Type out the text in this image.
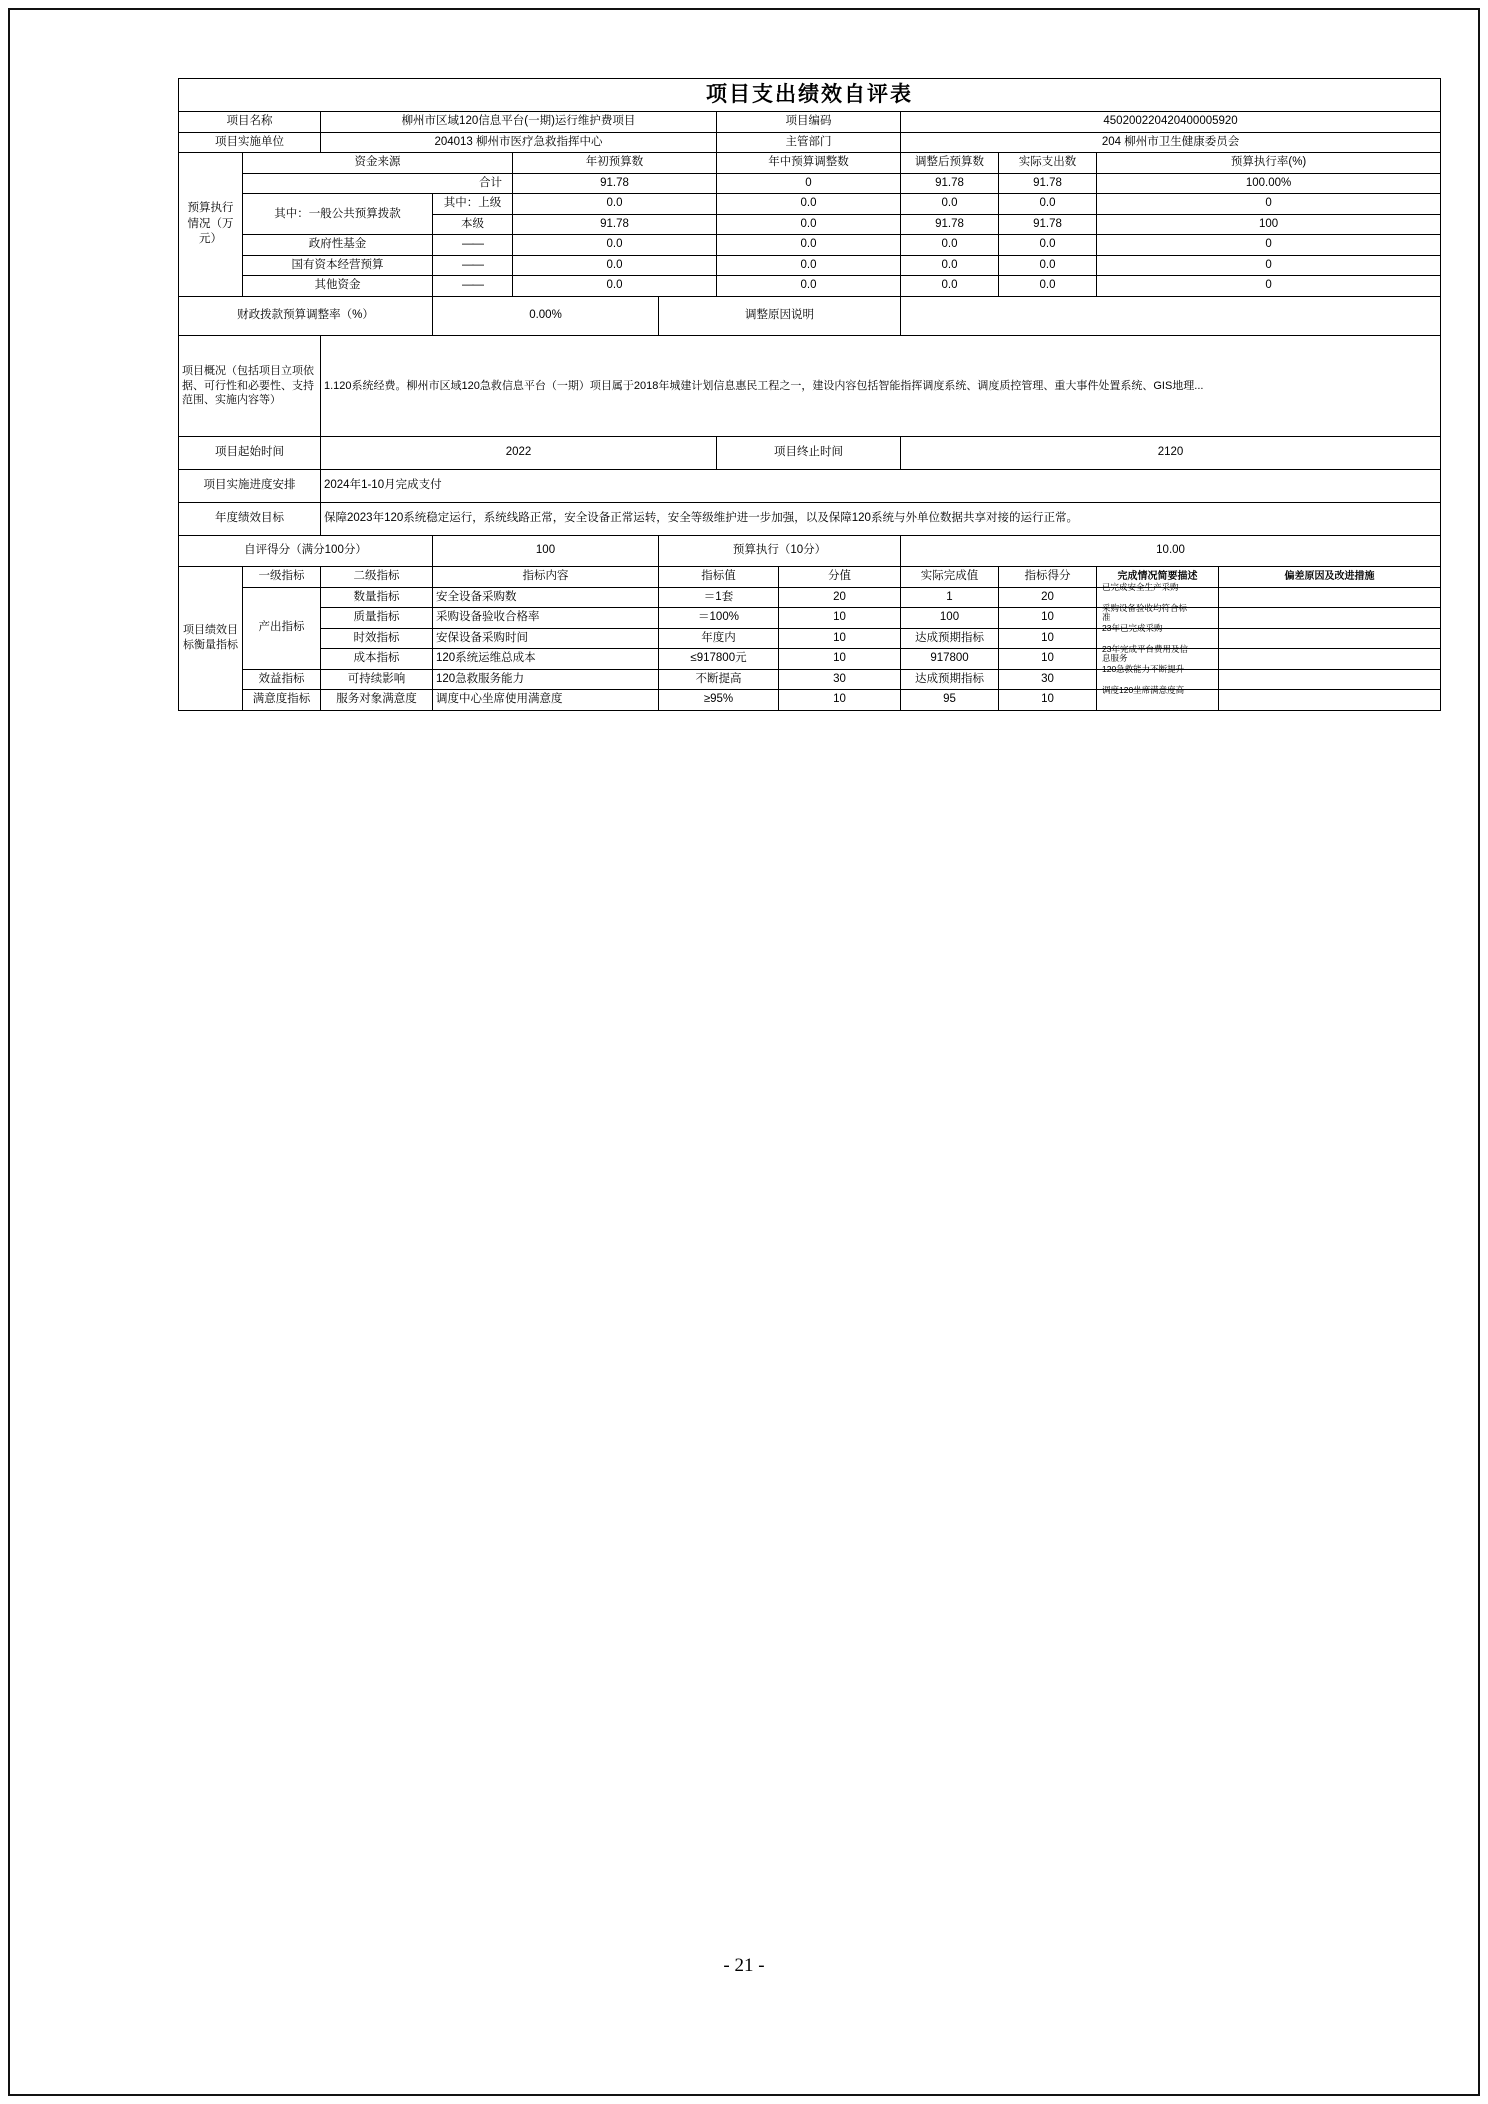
项目支出绩效自评表											
项目名称		柳州市区域120信息平台(一期)运行维护费项目				项目编码		450200220420400005920			
项目实施单位		204013 柳州市医疗急救指挥中心				主管部门		204 柳州市卫生健康委员会			
预算执行情况（万元）	资金来源			年初预算数		年中预算调整数		调整后预算数	实际支出数	预算执行率(%)	
	合计			91.78		0		91.78	91.78	100.00%	
	其中：一般公共预算拨款		其中：上级	0.0		0.0		0.0	0.0	0	
			本级	91.78		0.0		91.78	91.78	100	
	政府性基金		——	0.0		0.0		0.0	0.0	0	
	国有资本经营预算		——	0.0		0.0		0.0	0.0	0	
	其他资金		——	0.0		0.0		0.0	0.0	0	
财政拨款预算调整率（%）			0.00%		调整原因说明						
项目概况（包括项目立项依据、可行性和必要性、支持范围、实施内容等）		1.120系统经费。柳州市区域120急救信息平台（一期）项目属于2018年城建计划信息惠民工程之一，建设内容包括智能指挥调度系统、调度质控管理、重大事件处置系统、GIS地理...									
项目起始时间		2022				项目终止时间		2120			
项目实施进度安排		2024年1-10月完成支付									
年度绩效目标		保障2023年120系统稳定运行，系统线路正常，安全设备正常运转，安全等级维护进一步加强，以及保障120系统与外单位数据共享对接的运行正常。									
自评得分（满分100分）			100		预算执行（10分）			10.00			
项目绩效目标衡量指标	一级指标	二级指标	指标内容		指标值		分值	实际完成值	指标得分	完成情况简要描述	偏差原因及改进措施
	产出指标	数量指标	安全设备采购数		＝1套		20	1	20	已完成安全生产采购	

		质量指标	采购设备验收合格率		＝100%		10	100	10	采购设备验收均符合标准	

		时效指标	安保设备采购时间		年度内		10	达成预期指标	10	23年已完成采购	

		成本指标	120系统运维总成本		≤917800元		10	917800	10	23年完成平台费用及信息服务	

	效益指标	可持续影响	120急救服务能力		不断提高		30	达成预期指标	30	120急救能力不断提升	

	满意度指标	服务对象满意度	调度中心坐席使用满意度		≥95%		10	95	10	调度120坐席满意度高	

- 21 -
